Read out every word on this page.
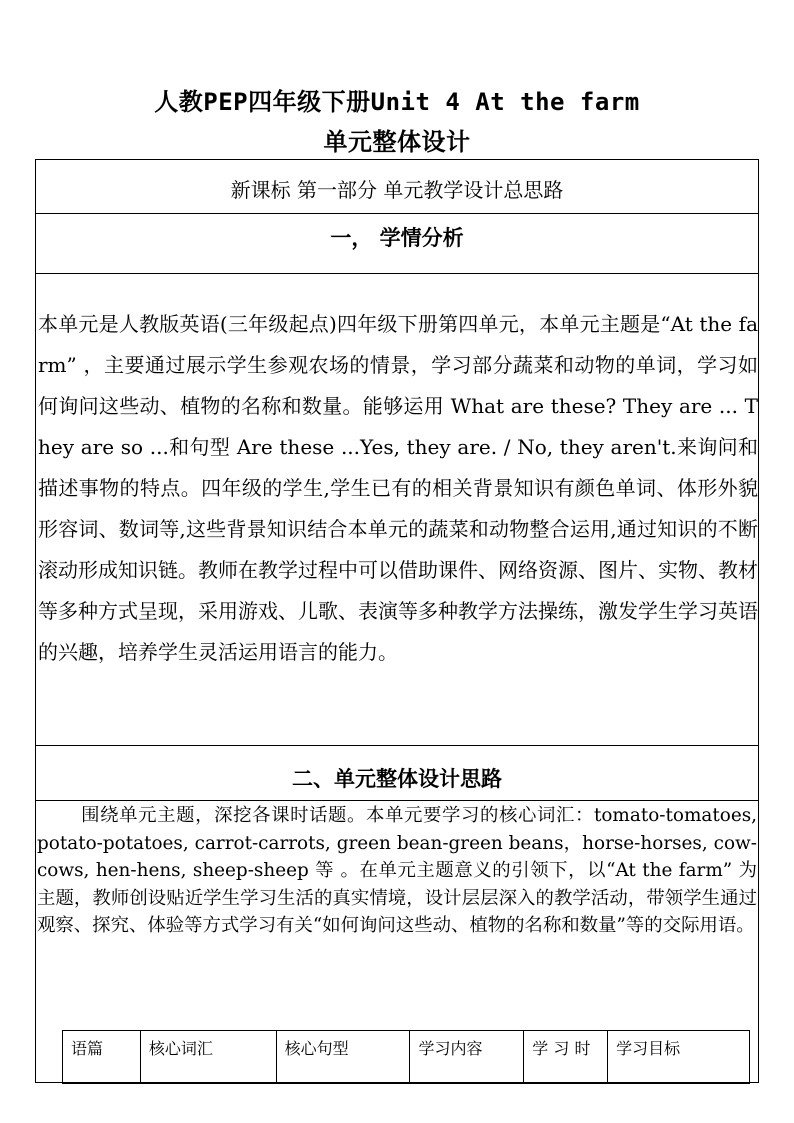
人教PEP四年级下册Unit 4 At the farm
单元整体设计
新课标 第一部分 单元教学设计总思路
一， 学情分析
本单元是人教版英语(三年级起点)四年级下册第四单元，本单元主题是“At the farm” ，主要通过展示学生参观农场的情景，学习部分蔬菜和动物的单词，学习如何询问这些动、植物的名称和数量。能够运用 What are these? They are ... They are so ...和句型 Are these ...Yes, they are. / No, they aren't.来询问和描述事物的特点。四年级的学生,学生已有的相关背景知识有颜色单词、体形外貌形容词、数词等,这些背景知识结合本单元的蔬菜和动物整合运用,通过知识的不断滚动形成知识链。教师在教学过程中可以借助课件、网络资源、图片、实物、教材等多种方式呈现，采用游戏、儿歌、表演等多种教学方法操练，激发学生学习英语的兴趣，培养学生灵活运用语言的能力。
二、单元整体设计思路
围绕单元主题，深挖各课时话题。本单元要学习的核心词汇：tomato-tomatoes, potato-potatoes, carrot-carrots, green bean-green beans，horse-horses, cow-cows, hen-hens, sheep-sheep 等 。在单元主题意义的引领下，以“At the farm” 为主题，教师创设贴近学生学习生活的真实情境，设计层层深入的教学活动，带领学生通过观察、探究、体验等方式学习有关“如何询问这些动、植物的名称和数量”等的交际用语。
语篇	核心词汇	核心句型	学习内容	学 习 时	学习目标
